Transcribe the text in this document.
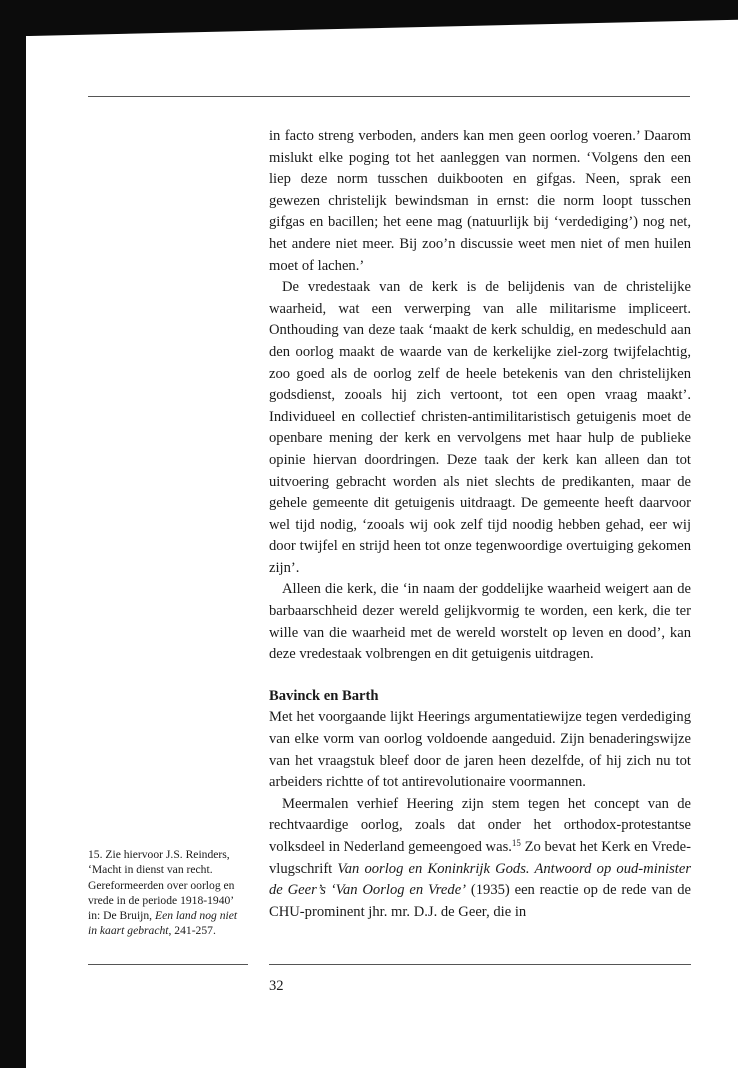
in facto streng verboden, anders kan men geen oorlog voeren.’ Daarom mislukt elke poging tot het aanleggen van normen. ‘Volgens den een liep deze norm tusschen duikbooten en gifgas. Neen, sprak een gewezen christelijk bewindsman in ernst: die norm loopt tusschen gifgas en bacillen; het eene mag (natuurlijk bij ‘verdediging’) nog net, het andere niet meer. Bij zoo’n discussie weet men niet of men huilen moet of lachen.’

De vredestaak van de kerk is de belijdenis van de christelijke waarheid, wat een verwerping van alle militarisme impliceert. Onthouding van deze taak ‘maakt de kerk schuldig, en medeschuld aan den oorlog maakt de waarde van de kerkelijke ziel-zorg twijfelachtig, zoo goed als de oorlog zelf de heele betekenis van den christelijken godsdienst, zooals hij zich vertoont, tot een open vraag maakt’. Individueel en collectief christen-antimilitaristisch getuigenis moet de openbare mening der kerk en vervolgens met haar hulp de publieke opinie hiervan doordringen. Deze taak der kerk kan alleen dan tot uitvoering gebracht worden als niet slechts de predikanten, maar de gehele gemeente dit getuigenis uitdraagt. De gemeente heeft daarvoor wel tijd nodig, ‘zooals wij ook zelf tijd noodig hebben gehad, eer wij door twijfel en strijd heen tot onze tegenwoordige overtuiging gekomen zijn’.

Alleen die kerk, die ‘in naam der goddelijke waarheid weigert aan de barbaarschheid dezer wereld gelijkvormig te worden, een kerk, die ter wille van die waarheid met de wereld worstelt op leven en dood’, kan deze vredestaak volbrengen en dit getuigenis uitdragen.

Bavinck en Barth

Met het voorgaande lijkt Heerings argumentatiewijze tegen verdediging van elke vorm van oorlog voldoende aangeduid. Zijn benaderingswijze van het vraagstuk bleef door de jaren heen dezelfde, of hij zich nu tot arbeiders richtte of tot antirevolutionaire voormannen.

Meermalen verhief Heering zijn stem tegen het concept van de rechtvaardige oorlog, zoals dat onder het orthodox-protestantse volksdeel in Nederland gemeengoed was.$^{15}$ Zo bevat het Kerk en Vrede-vlugschrift Van oorlog en Koninkrijk Gods. Antwoord op oud-minister de Geer’s ‘Van Oorlog en Vrede’ (1935) een reactie op de rede van de CHU-prominent jhr. mr. D.J. de Geer, die in

15. Zie hiervoor J.S. Reinders, ‘Macht in dienst van recht. Gereformeerden over oorlog en vrede in de periode 1918-1940’ in: De Bruijn, Een land nog niet in kaart gebracht, 241-257.

32
